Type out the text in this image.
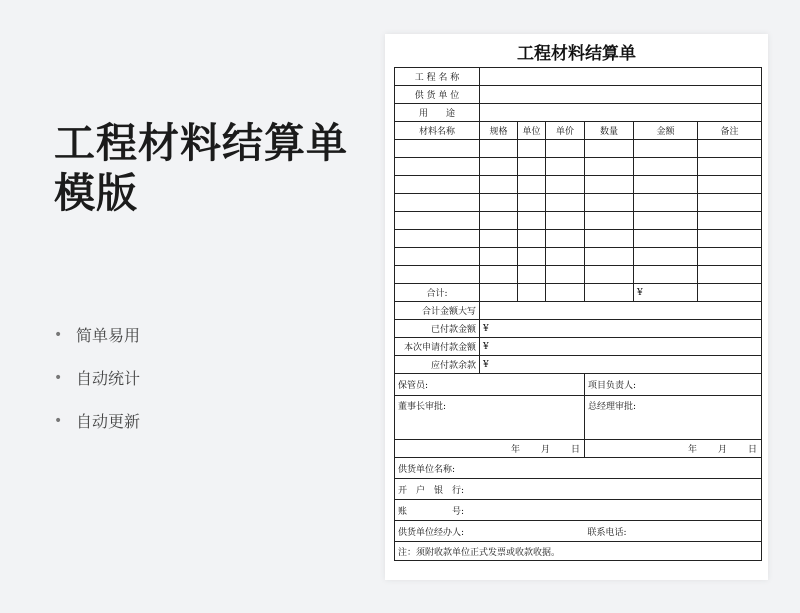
工程材料结算单模版
• 简单易用
• 自动统计
• 自动更新
工程材料结算单
工 程 名 称						
供 货 单 位						
用　　途						
材料名称	规格	单位	单价	数量	金额	备注

合计:					¥	
合计金额大写						
已付款金额	¥					
本次申请付款金额	¥					
应付款余款	¥					
保管员:				项目负责人:		
董事长审批:				总经理审批:		
年　　月　　日				年　　月　　日		
供货单位名称:						
开　户　银　行:						
账　　　　　号:						
供货单位经办人:				联系电话:		
注：须附收款单位正式发票或收款收据。						
